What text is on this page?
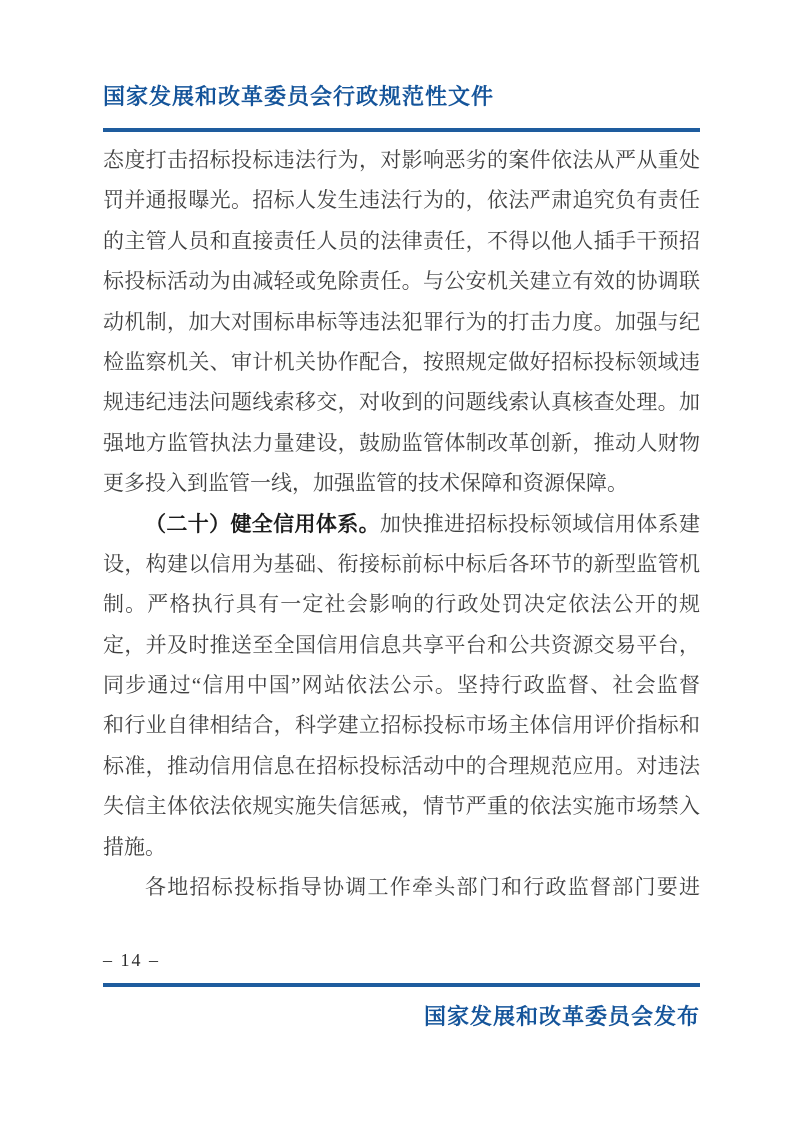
国家发展和改革委员会行政规范性文件
态度打击招标投标违法行为，对影响恶劣的案件依法从严从重处
罚并通报曝光。招标人发生违法行为的，依法严肃追究负有责任
的主管人员和直接责任人员的法律责任，不得以他人插手干预招
标投标活动为由减轻或免除责任。与公安机关建立有效的协调联
动机制，加大对围标串标等违法犯罪行为的打击力度。加强与纪
检监察机关、审计机关协作配合，按照规定做好招标投标领域违
规违纪违法问题线索移交，对收到的问题线索认真核查处理。加
强地方监管执法力量建设，鼓励监管体制改革创新，推动人财物
更多投入到监管一线，加强监管的技术保障和资源保障。
（二十）健全信用体系。加快推进招标投标领域信用体系建
设，构建以信用为基础、衔接标前标中标后各环节的新型监管机
制。严格执行具有一定社会影响的行政处罚决定依法公开的规
定，并及时推送至全国信用信息共享平台和公共资源交易平台，
同步通过“信用中国”网站依法公示。坚持行政监督、社会监督
和行业自律相结合，科学建立招标投标市场主体信用评价指标和
标准，推动信用信息在招标投标活动中的合理规范应用。对违法
失信主体依法依规实施失信惩戒，情节严重的依法实施市场禁入
措施。
各地招标投标指导协调工作牵头部门和行政监督部门要进
– 14 –
国家发展和改革委员会发布
